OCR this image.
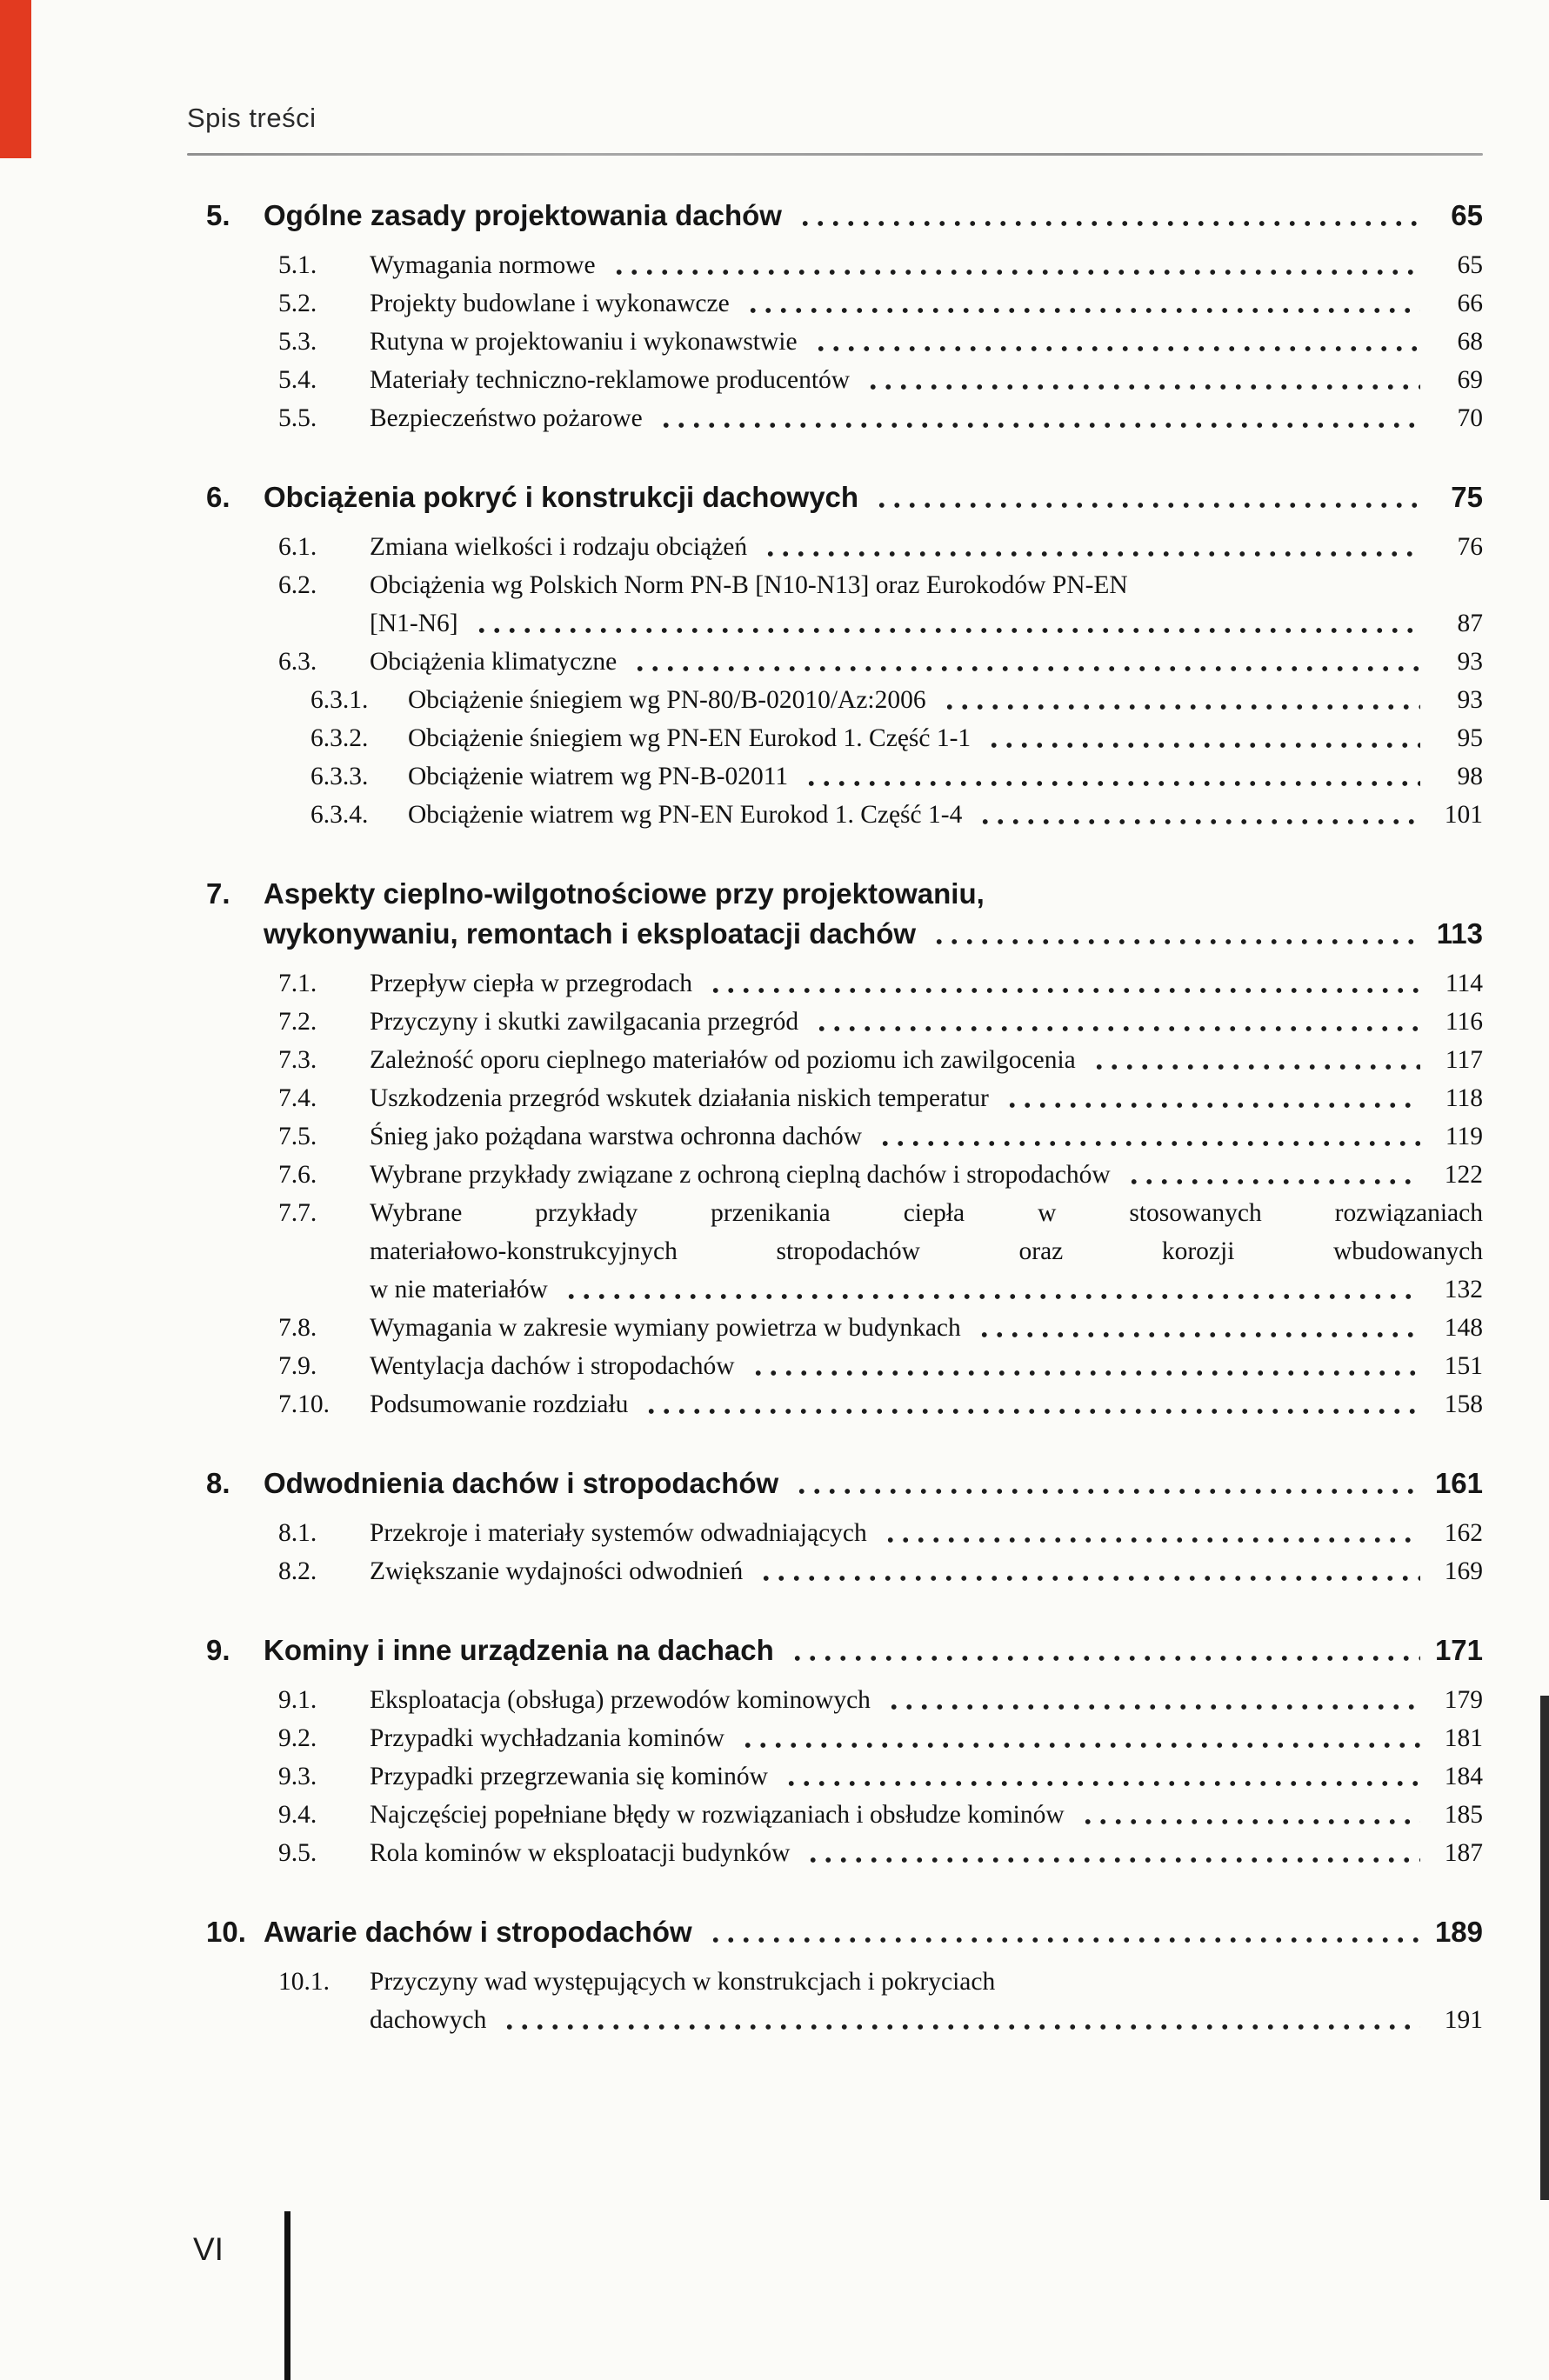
Spis treści
5.	Ogólne zasady projektowania dachów	65
5.1.	Wymagania normowe	65
5.2.	Projekty budowlane i wykonawcze	66
5.3.	Rutyna w projektowaniu i wykonawstwie	68
5.4.	Materiały techniczno-reklamowe producentów	69
5.5.	Bezpieczeństwo pożarowe	70
6.	Obciążenia pokryć i konstrukcji dachowych	75
6.1.	Zmiana wielkości i rodzaju obciążeń	76
6.2.	Obciążenia wg Polskich Norm PN-B [N10-N13] oraz Eurokodów PN-EN
[N1-N6]	87
6.3.	Obciążenia klimatyczne	93
6.3.1.	Obciążenie śniegiem wg PN-80/B-02010/Az:2006	93
6.3.2.	Obciążenie śniegiem wg PN-EN Eurokod 1. Część 1-1	95
6.3.3.	Obciążenie wiatrem wg PN-B-02011	98
6.3.4.	Obciążenie wiatrem wg PN-EN Eurokod 1. Część 1-4	101
7.	Aspekty cieplno-wilgotnościowe przy projektowaniu,
wykonywaniu, remontach i eksploatacji dachów	113
7.1.	Przepływ ciepła w przegrodach	114
7.2.	Przyczyny i skutki zawilgacania przegród	116
7.3.	Zależność oporu cieplnego materiałów od poziomu ich zawilgocenia	117
7.4.	Uszkodzenia przegród wskutek działania niskich temperatur	118
7.5.	Śnieg jako pożądana warstwa ochronna dachów	119
7.6.	Wybrane przykłady związane z ochroną cieplną dachów i stropodachów	122
7.7.	Wybrane przykłady przenikania ciepła w stosowanych rozwiązaniach
materiałowo-konstrukcyjnych stropodachów oraz korozji wbudowanych
w nie materiałów	132
7.8.	Wymagania w zakresie wymiany powietrza w budynkach	148
7.9.	Wentylacja dachów i stropodachów	151
7.10.	Podsumowanie rozdziału	158
8.	Odwodnienia dachów i stropodachów	161
8.1.	Przekroje i materiały systemów odwadniających	162
8.2.	Zwiększanie wydajności odwodnień	169
9.	Kominy i inne urządzenia na dachach	171
9.1.	Eksploatacja (obsługa) przewodów kominowych	179
9.2.	Przypadki wychładzania kominów	181
9.3.	Przypadki przegrzewania się kominów	184
9.4.	Najczęściej popełniane błędy w rozwiązaniach i obsłudze kominów	185
9.5.	Rola kominów w eksploatacji budynków	187
10. Awarie dachów i stropodachów	189
10.1.	Przyczyny wad występujących w konstrukcjach i pokryciach
dachowych	191
VI
